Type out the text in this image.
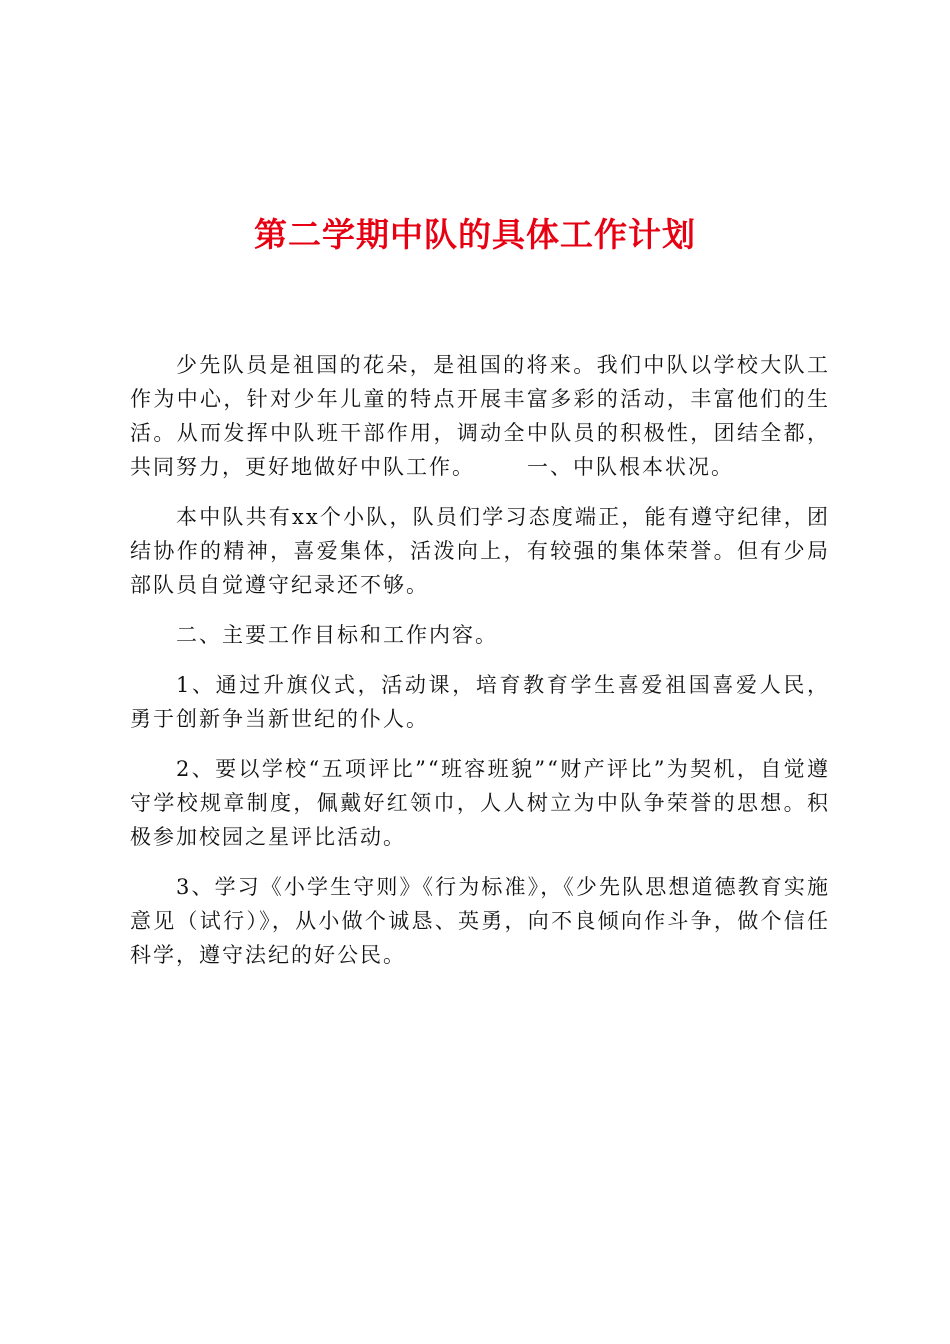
第二学期中队的具体工作计划

少先队员是祖国的花朵，是祖国的将来。我们中队以学校大队工作为中心，针对少年儿童的特点开展丰富多彩的活动，丰富他们的生活。从而发挥中队班干部作用，调动全中队员的积极性，团结全都，共同努力，更好地做好中队工作。      一、中队根本状况。

本中队共有xx个小队，队员们学习态度端正，能有遵守纪律，团结协作的精神，喜爱集体，活泼向上，有较强的集体荣誉。但有少局部队员自觉遵守纪录还不够。

二、主要工作目标和工作内容。

1、通过升旗仪式，活动课，培育教育学生喜爱祖国喜爱人民，勇于创新争当新世纪的仆人。

2、要以学校“五项评比”“班容班貌”“财产评比”为契机，自觉遵守学校规章制度，佩戴好红领巾，人人树立为中队争荣誉的思想。积极参加校园之星评比活动。

3、学习《小学生守则》《行为标准》，《少先队思想道德教育实施意见（试行）》，从小做个诚恳、英勇，向不良倾向作斗争，做个信任科学，遵守法纪的好公民。
